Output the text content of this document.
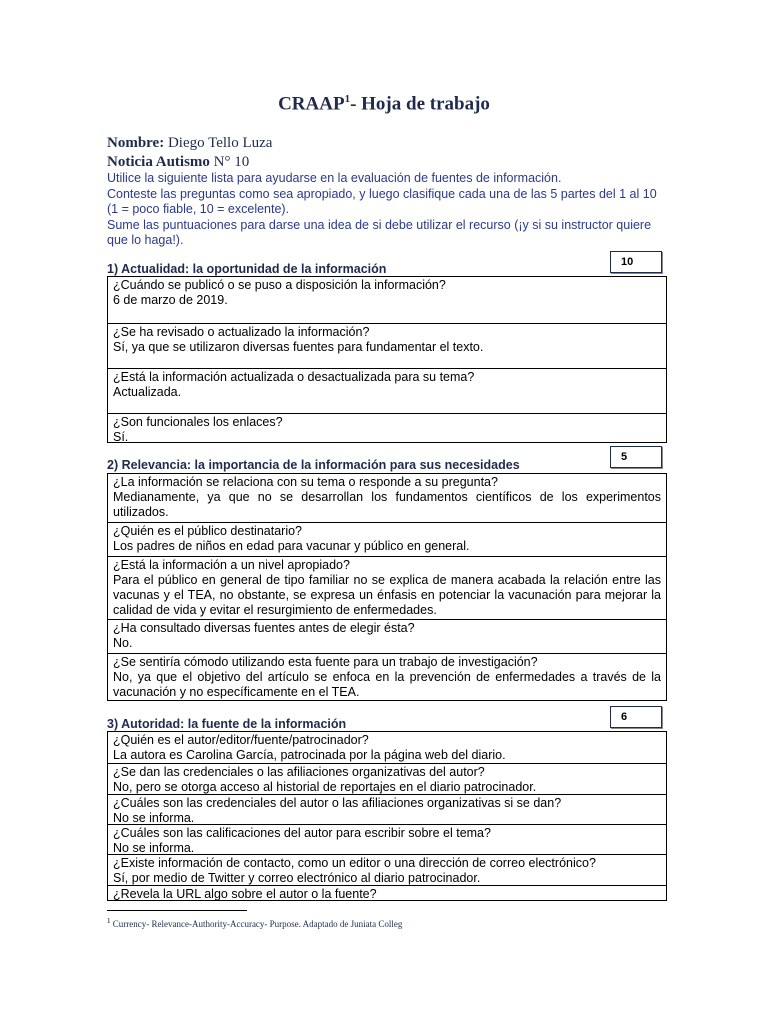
CRAAP$^1$- Hoja de trabajo
Nombre: Diego Tello Luza
Noticia Autismo N° 10

Utilice la siguiente lista para ayudarse en la evaluación de fuentes de información.

Conteste las preguntas como sea apropiado, y luego clasifique cada una de las 5 partes del 1 al 10 (1 = poco fiable, 10 = excelente).

Sume las puntuaciones para darse una idea de si debe utilizar el recurso (¡y si su instructor quiere que lo haga!).

1) Actualidad: la oportunidad de la información	10
¿Cuándo se publicó o se puso a disposición la información?
6 de marzo de 2019.
¿Se ha revisado o actualizado la información?
Sí, ya que se utilizaron diversas fuentes para fundamentar el texto.
¿Está la información actualizada o desactualizada para su tema?
Actualizada.
¿Son funcionales los enlaces?
Sí.
2) Relevancia: la importancia de la información para sus necesidades
5
¿La información se relaciona con su tema o responde a su pregunta?
Medianamente, ya que no se desarrollan los fundamentos científicos de los experimentos utilizados.
¿Quién es el público destinatario?
Los padres de niños en edad para vacunar y público en general.
¿Está la información a un nivel apropiado?
Para el público en general de tipo familiar no se explica de manera acabada la relación entre las vacunas y el TEA, no obstante, se expresa un énfasis en potenciar la vacunación para mejorar la calidad de vida y evitar el resurgimiento de enfermedades.
¿Ha consultado diversas fuentes antes de elegir ésta?
No.
¿Se sentiría cómodo utilizando esta fuente para un trabajo de investigación?
No, ya que el objetivo del artículo se enfoca en la prevención de enfermedades a través de la vacunación y no específicamente en el TEA.
3) Autoridad: la fuente de la información	6
¿Quién es el autor/editor/fuente/patrocinador?
La autora es Carolina García, patrocinada por la página web del diario.
¿Se dan las credenciales o las afiliaciones organizativas del autor?
No, pero se otorga acceso al historial de reportajes en el diario patrocinador.
¿Cuáles son las credenciales del autor o las afiliaciones organizativas si se dan?
No se informa.
¿Cuáles son las calificaciones del autor para escribir sobre el tema?
No se informa.
¿Existe información de contacto, como un editor o una dirección de correo electrónico?
Sí, por medio de Twitter y correo electrónico al diario patrocinador.
¿Revela la URL algo sobre el autor o la fuente?
$^1$ Currency- Relevance-Authority-Accuracy- Purpose. Adaptado de Juniata Colleg
